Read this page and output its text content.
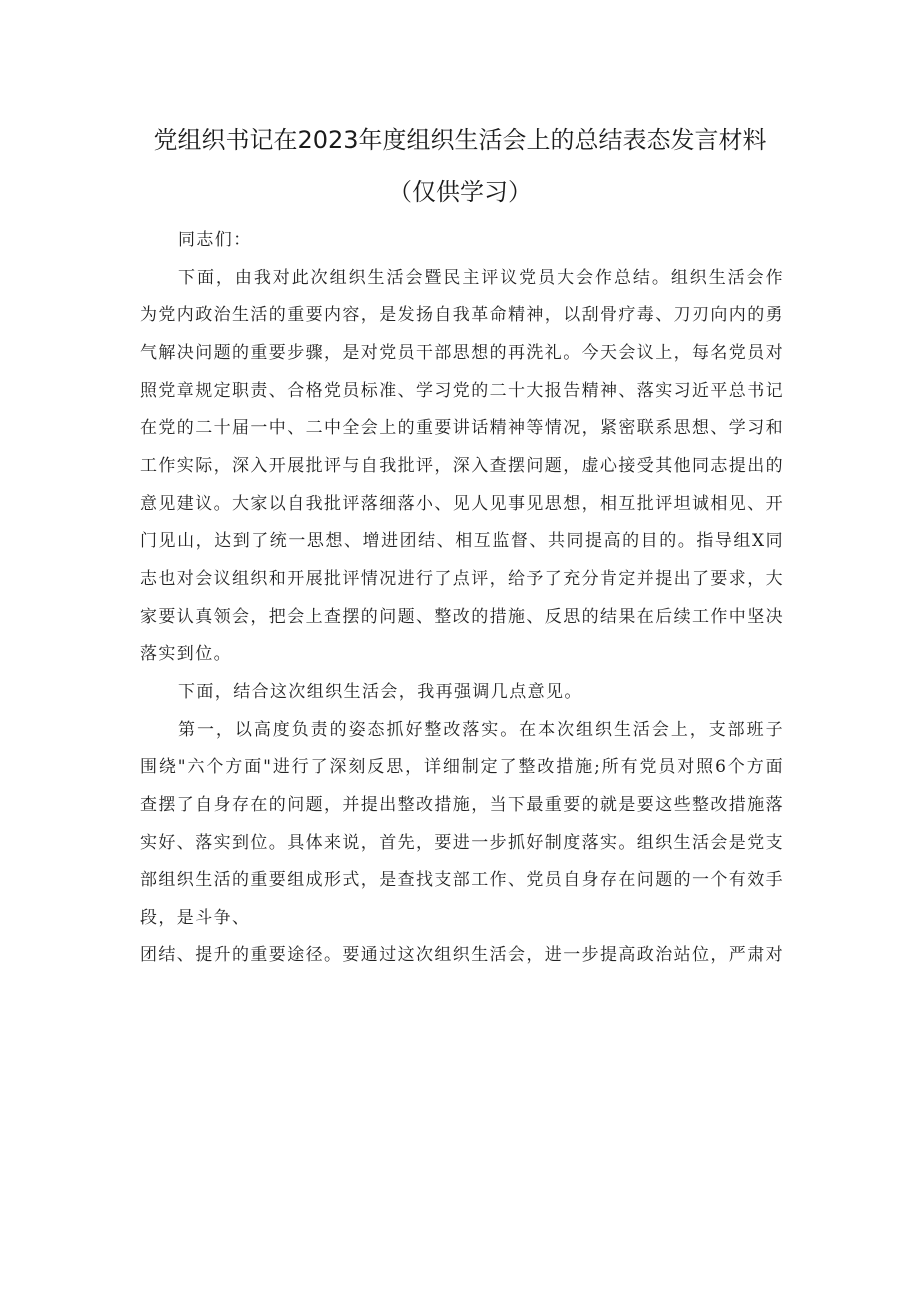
党组织书记在2023年度组织生活会上的总结表态发言材料
（仅供学习）

同志们：

下面，由我对此次组织生活会暨民主评议党员大会作总结。组织生活会作为党内政治生活的重要内容，是发扬自我革命精神，以刮骨疗毒、刀刃向内的勇气解决问题的重要步骤，是对党员干部思想的再洗礼。今天会议上，每名党员对照党章规定职责、合格党员标准、学习党的二十大报告精神、落实习近平总书记在党的二十届一中、二中全会上的重要讲话精神等情况，紧密联系思想、学习和工作实际，深入开展批评与自我批评，深入查摆问题，虚心接受其他同志提出的意见建议。大家以自我批评落细落小、见人见事见思想，相互批评坦诚相见、开门见山，达到了统一思想、增进团结、相互监督、共同提高的目的。指导组X同志也对会议组织和开展批评情况进行了点评，给予了充分肯定并提出了要求，大家要认真领会，把会上查摆的问题、整改的措施、反思的结果在后续工作中坚决落实到位。

下面，结合这次组织生活会，我再强调几点意见。

第一，以高度负责的姿态抓好整改落实。在本次组织生活会上，支部班子围绕"六个方面"进行了深刻反思，详细制定了整改措施;所有党员对照6个方面查摆了自身存在的问题，并提出整改措施，当下最重要的就是要这些整改措施落实好、落实到位。具体来说，首先，要进一步抓好制度落实。组织生活会是党支部组织生活的重要组成形式，是查找支部工作、党员自身存在问题的一个有效手段，是斗争、

团结、提升的重要途径。要通过这次组织生活会，进一步提高政治站位，严肃对
